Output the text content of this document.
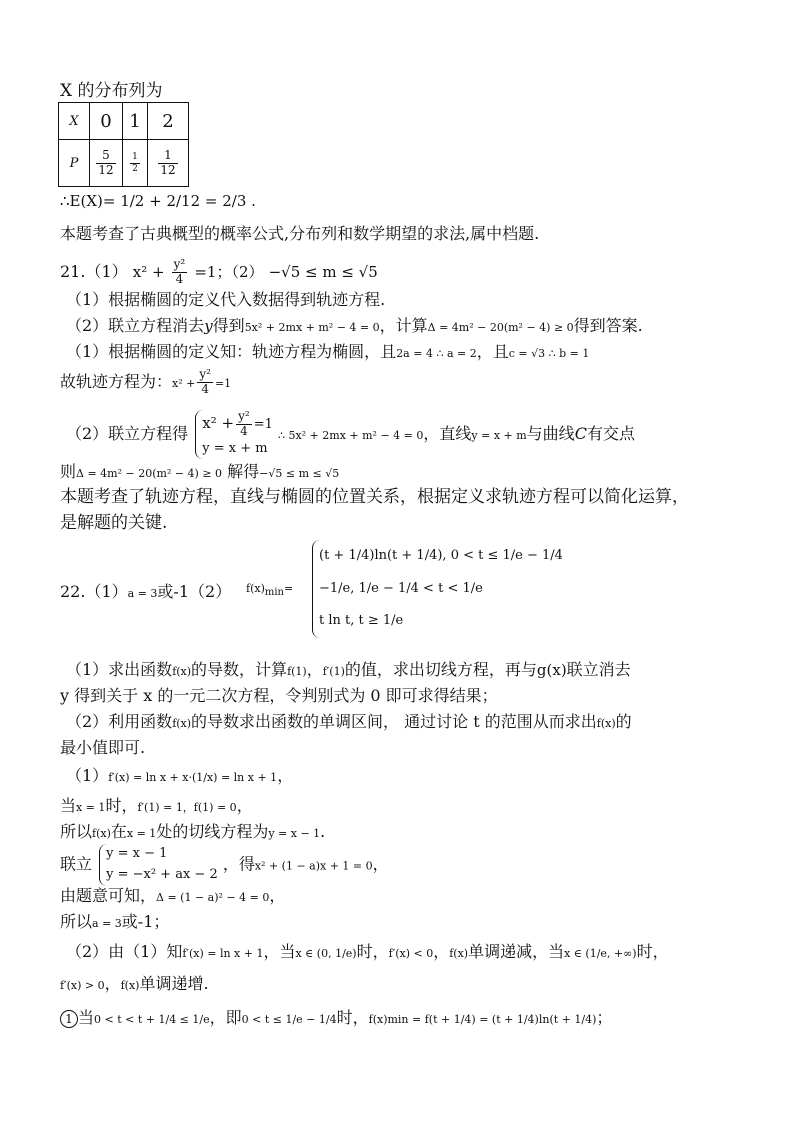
X 的分布列为
X	0	1	2
P	$\frac{5}{12}$	$\frac{1}{2}$	$\frac{1}{12}$
∴E(X)= 1/2 + 2/12 = 2/3 .
本题考查了古典概型的概率公式,分布列和数学期望的求法,属中档题.
21.（1） $x^2 + \frac{\text{y²}}{4} =1$；（2） −√5 ≤ m ≤ √5
（1）根据椭圆的定义代入数据得到轨迹方程.
（2）联立方程消去y得到5x² + 2mx + m² − 4 = 0，计算Δ = 4m² − 20(m² − 4) ≥ 0得到答案.
（1）根据椭圆的定义知：轨迹方程为椭圆，且2a = 4 ∴ a = 2，且c = √3 ∴ b = 1
故轨迹方程为：$x^2 + \frac{\text{y²}}{4} =1$
（2）联立方程得
$x^2 + \frac{\text{y²}}{4} =1$
y = x + m
∴ 5x² + 2mx + m² − 4 = 0，直线y = x + m与曲线C有交点
则Δ = 4m² − 20(m² − 4) ≥ 0 解得−√5 ≤ m ≤ √5
本题考查了轨迹方程，直线与椭圆的位置关系，根据定义求轨迹方程可以简化运算，
是解题的关键.
22.（1）a = 3或-1（2） $f(x)_{min}=$
(t + 1/4)ln(t + 1/4), 0 < t ≤ 1/e − 1/4
−1/e, 1/e − 1/4 < t < 1/e
t ln t, t ≥ 1/e
（1）求出函数f(x)的导数，计算f(1)，f′(1)的值，求出切线方程，再与g(x)联立消去
y 得到关于 x 的一元二次方程，令判别式为 0 即可求得结果；
（2）利用函数f(x)的导数求出函数的单调区间， 通过讨论 t 的范围从而求出f(x)的
最小值即可.
（1）f′(x) = ln x + x·(1/x) = ln x + 1，
当x = 1时，f′(1) = 1，f(1) = 0，
所以f(x)在x = 1处的切线方程为y = x − 1.
联立
y = x − 1
y = −x² + ax − 2
，得x² + (1 − a)x + 1 = 0，
由题意可知，Δ = (1 − a)² − 4 = 0，
所以a = 3或-1；
（2）由（1）知f′(x) = ln x + 1，当x ∈ (0, 1/e)时，f′(x) < 0，f(x)单调递减，当x ∈ (1/e, +∞)时，
f′(x) > 0，f(x)单调递增.
1 当0 < t < t + 1/4 ≤ 1/e，即0 < t ≤ 1/e − 1/4时，f(x)min = f(t + 1/4) = (t + 1/4)ln(t + 1/4)；
